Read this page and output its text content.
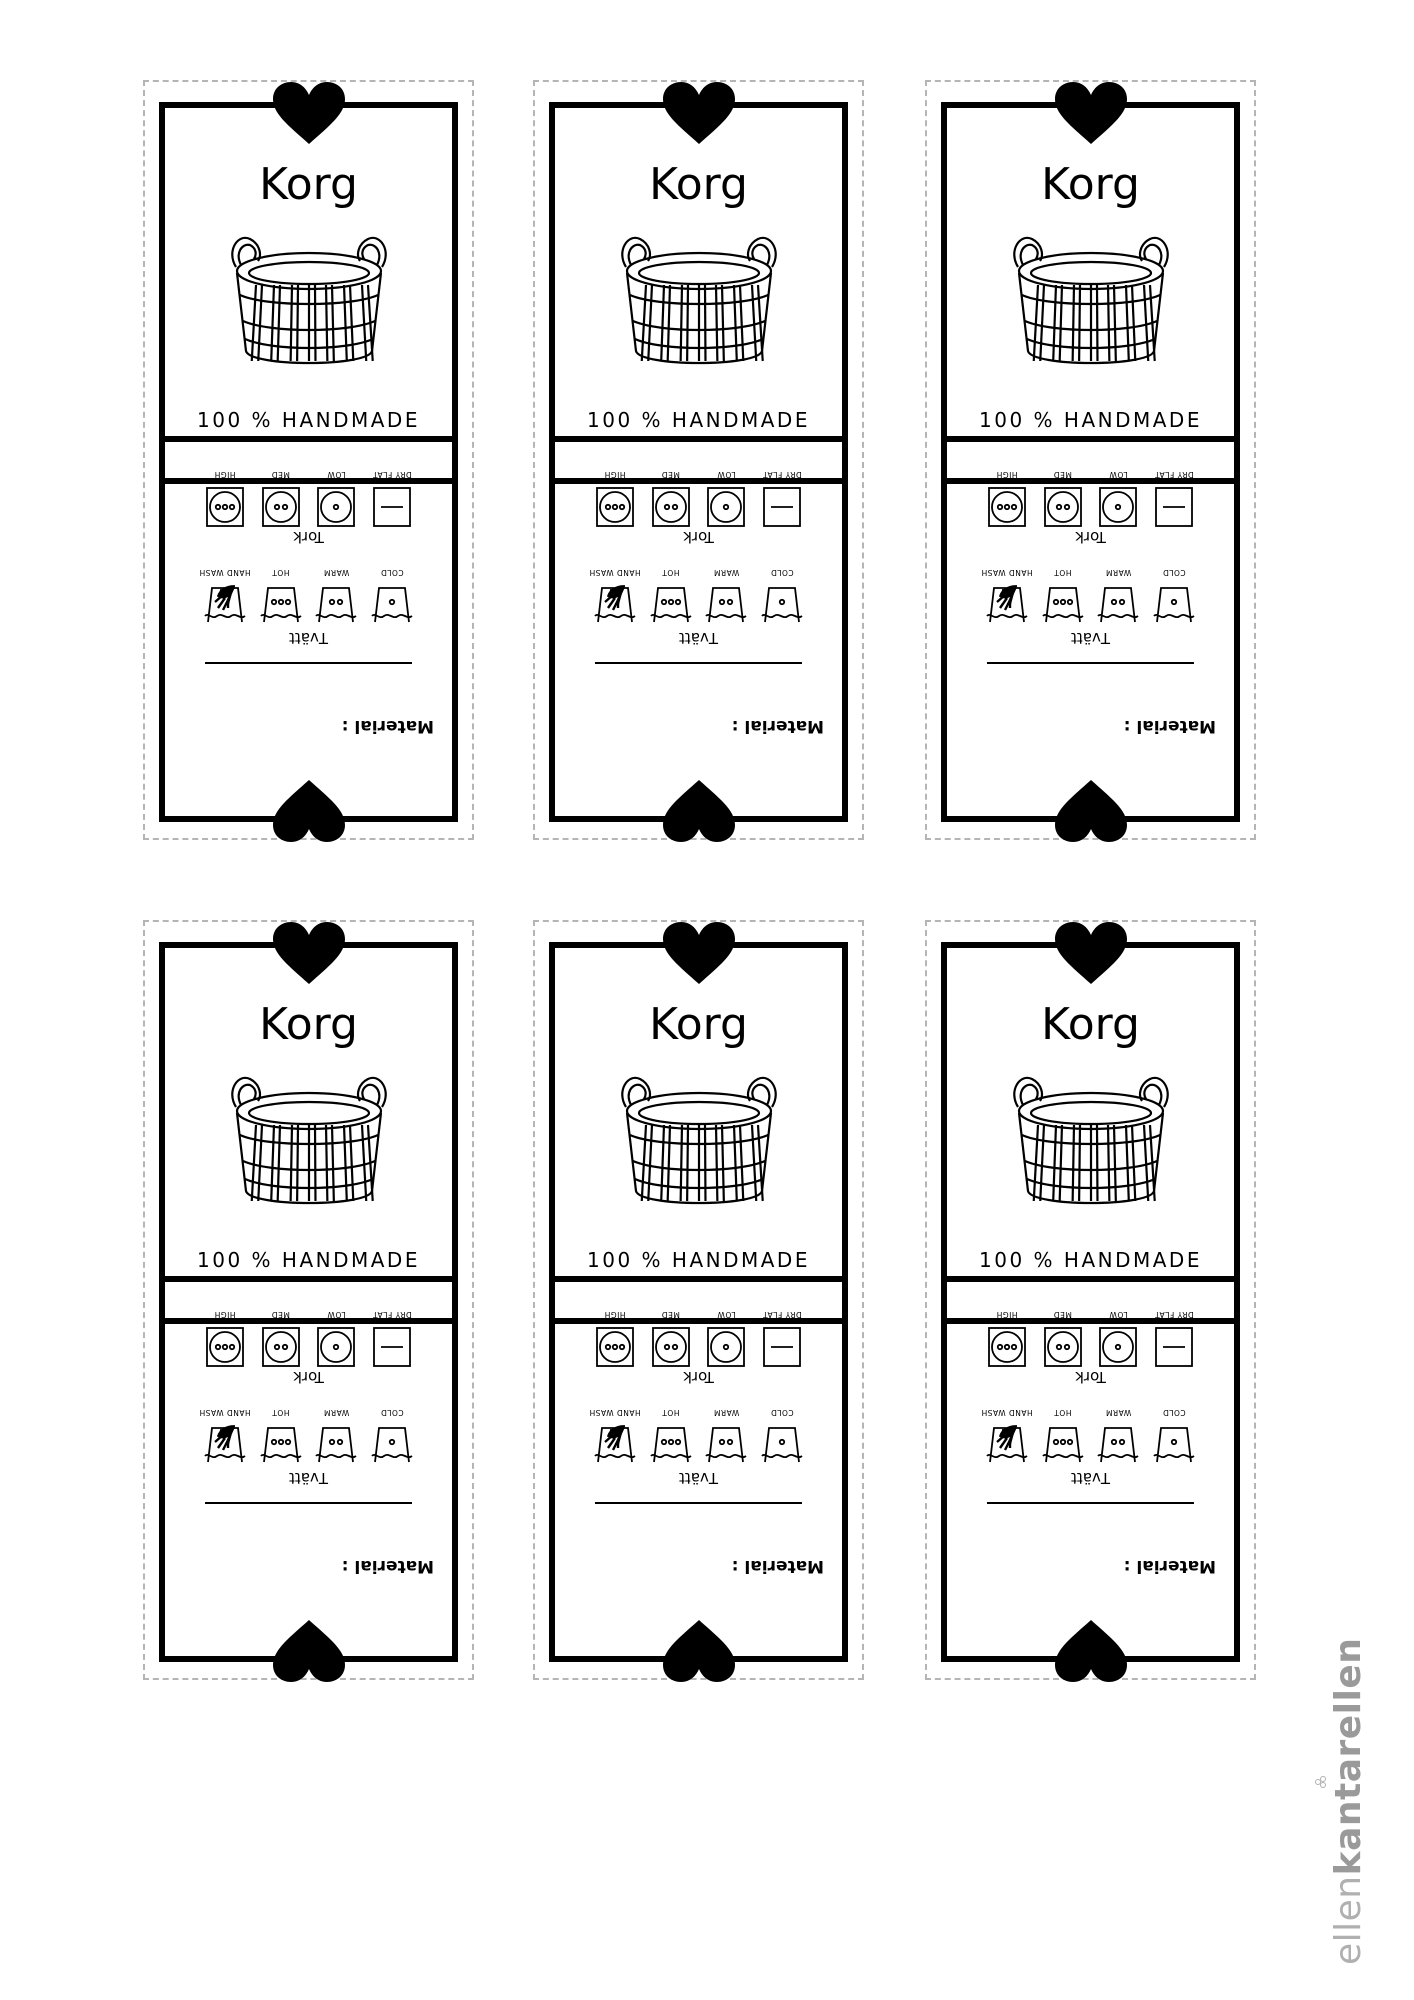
Korg
100 % HANDMADE
Material :
Tvätt
COLD
WARM
HOT
HAND WASH
Tork
DRY FLAT
LOW
MED
HIGH
Korg
100 % HANDMADE
Material :
Tvätt
COLD
WARM
HOT
HAND WASH
Tork
DRY FLAT
LOW
MED
HIGH
Korg
100 % HANDMADE
Material :
Tvätt
COLD
WARM
HOT
HAND WASH
Tork
DRY FLAT
LOW
MED
HIGH
Korg
100 % HANDMADE
Material :
Tvätt
COLD
WARM
HOT
HAND WASH
Tork
DRY FLAT
LOW
MED
HIGH
Korg
100 % HANDMADE
Material :
Tvätt
COLD
WARM
HOT
HAND WASH
Tork
DRY FLAT
LOW
MED
HIGH
Korg
100 % HANDMADE
Material :
Tvätt
COLD
WARM
HOT
HAND WASH
Tork
DRY FLAT
LOW
MED
HIGH
ellenkantarellen
